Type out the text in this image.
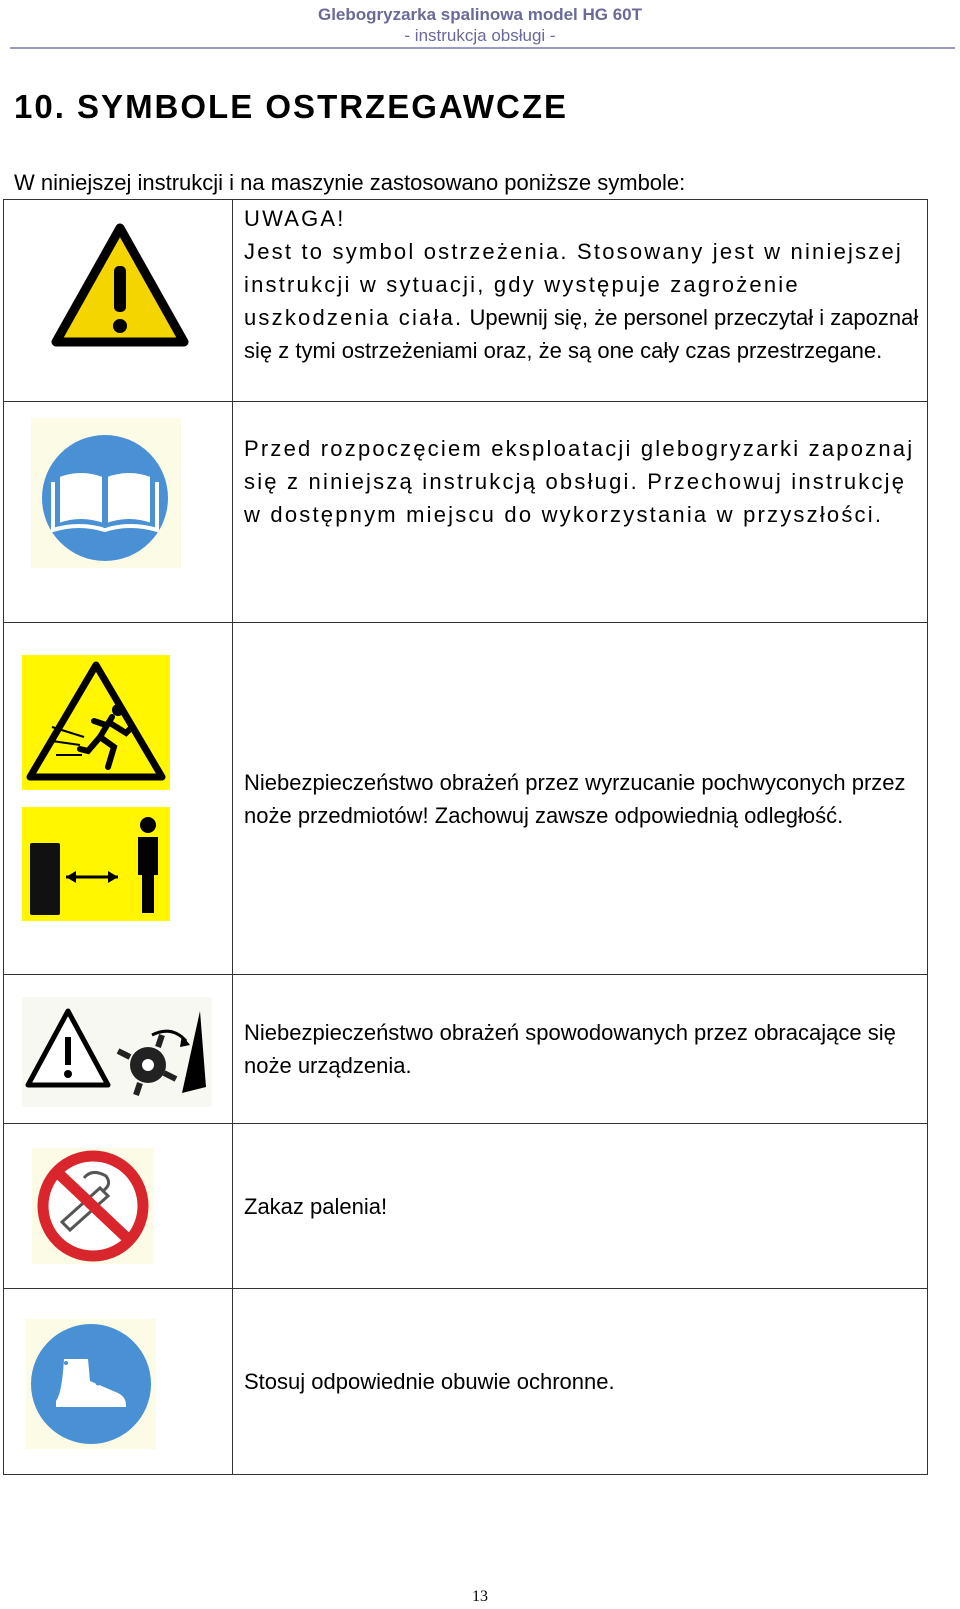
Glebogryzarka spalinowa model HG 60T
- instrukcja obsługi -
10. SYMBOLE OSTRZEGAWCZE

W niniejszej instrukcji i na maszynie zastosowano poniższe symbole:

UWAGA!
Jest to symbol ostrzeżenia. Stosowany jest w niniejszej instrukcji w sytuacji, gdy występuje zagrożenie uszkodzenia ciała. Upewnij się, że personel przeczytał i zapoznał się z tymi ostrzeżeniami oraz, że są one cały czas przestrzegane.

	Przed rozpoczęciem eksploatacji glebogryzarki zapoznaj się z niniejszą instrukcją obsługi. Przechowuj instrukcję w dostępnym miejscu do wykorzystania w przyszłości.

	Niebezpieczeństwo obrażeń przez wyrzucanie pochwyconych przez noże przedmiotów! Zachowuj zawsze odpowiednią odległość.

	Niebezpieczeństwo obrażeń spowodowanych przez obracające się noże urządzenia.

	Zakaz palenia!

	Stosuj odpowiednie obuwie ochronne.
13
